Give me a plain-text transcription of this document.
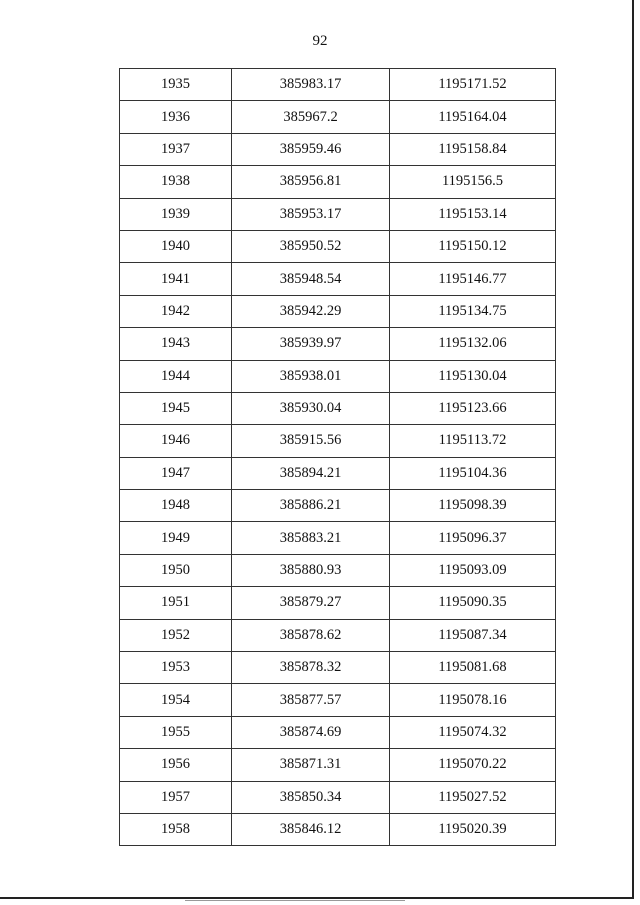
92
1935	385983.17	1195171.52
1936	385967.2	1195164.04
1937	385959.46	1195158.84
1938	385956.81	1195156.5
1939	385953.17	1195153.14
1940	385950.52	1195150.12
1941	385948.54	1195146.77
1942	385942.29	1195134.75
1943	385939.97	1195132.06
1944	385938.01	1195130.04
1945	385930.04	1195123.66
1946	385915.56	1195113.72
1947	385894.21	1195104.36
1948	385886.21	1195098.39
1949	385883.21	1195096.37
1950	385880.93	1195093.09
1951	385879.27	1195090.35
1952	385878.62	1195087.34
1953	385878.32	1195081.68
1954	385877.57	1195078.16
1955	385874.69	1195074.32
1956	385871.31	1195070.22
1957	385850.34	1195027.52
1958	385846.12	1195020.39
